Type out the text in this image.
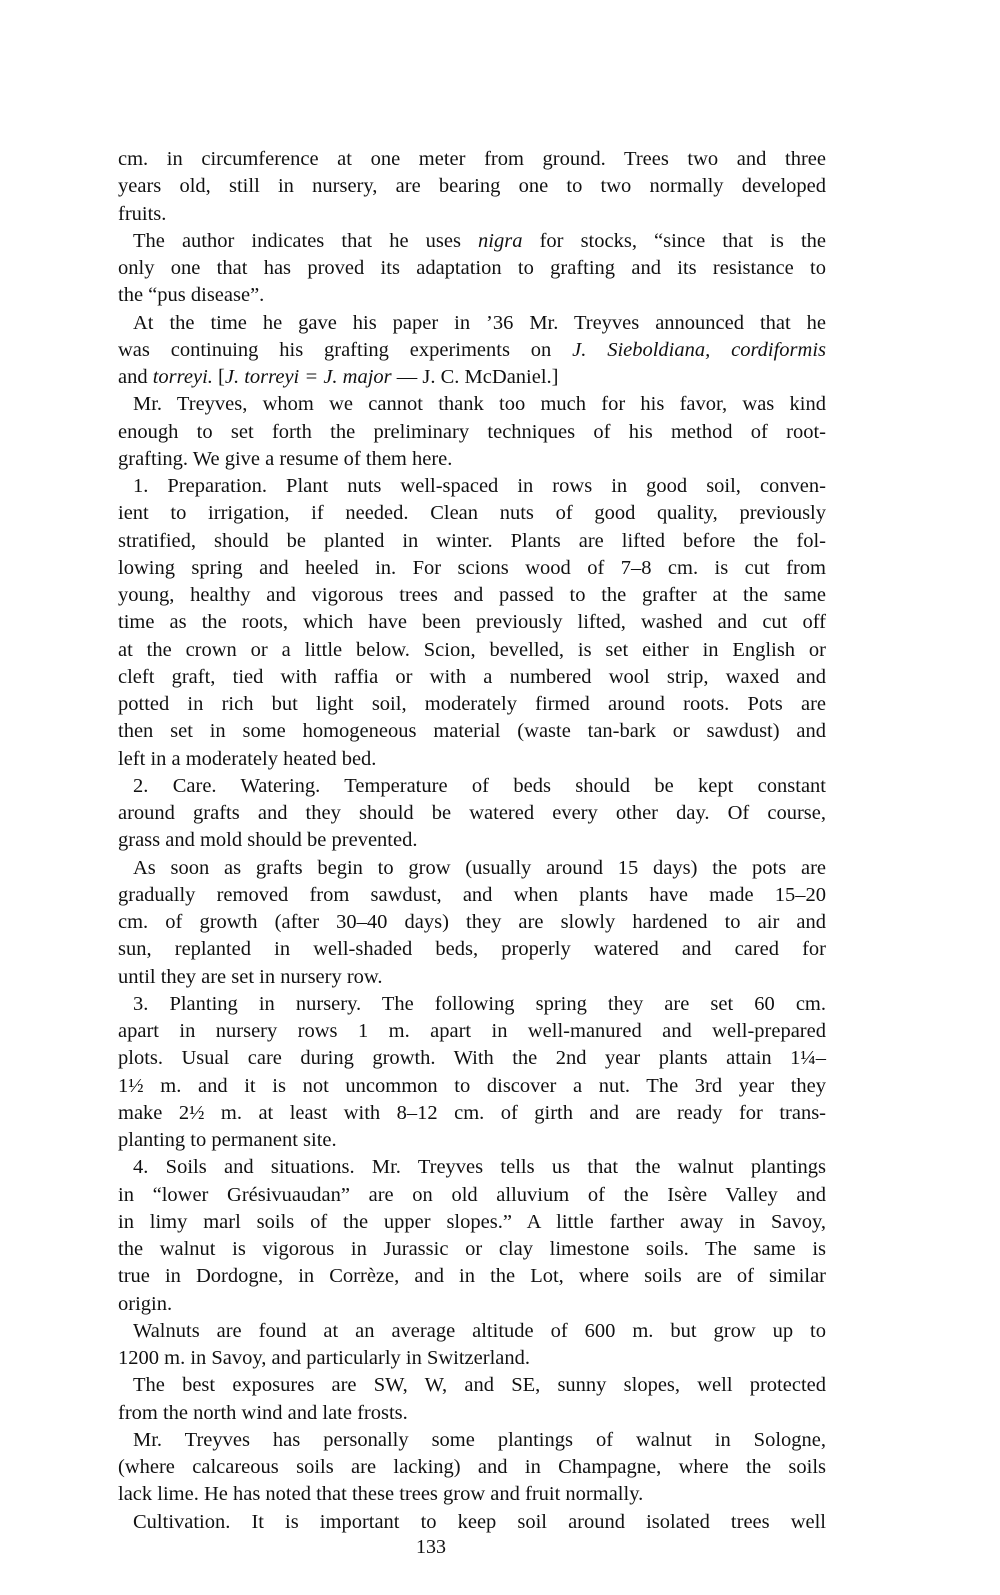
cm. in circumference at one meter from ground. Trees two and three
years old, still in nursery, are bearing one to two normally developed
fruits.
The author indicates that he uses nigra for stocks, “since that is the
only one that has proved its adaptation to grafting and its resistance to
the “pus disease”.
At the time he gave his paper in ’36 Mr. Treyves announced that he
was continuing his grafting experiments on J. Sieboldiana, cordiformis
and torreyi. [J. torreyi = J. major — J. C. McDaniel.]
Mr. Treyves, whom we cannot thank too much for his favor, was kind
enough to set forth the preliminary techniques of his method of root-
grafting. We give a resume of them here.
1. Preparation. Plant nuts well-spaced in rows in good soil, conven-
ient to irrigation, if needed. Clean nuts of good quality, previously
stratified, should be planted in winter. Plants are lifted before the fol-
lowing spring and heeled in. For scions wood of 7–8 cm. is cut from
young, healthy and vigorous trees and passed to the grafter at the same
time as the roots, which have been previously lifted, washed and cut off
at the crown or a little below. Scion, bevelled, is set either in English or
cleft graft, tied with raffia or with a numbered wool strip, waxed and
potted in rich but light soil, moderately firmed around roots. Pots are
then set in some homogeneous material (waste tan-bark or sawdust) and
left in a moderately heated bed.
2. Care. Watering. Temperature of beds should be kept constant
around grafts and they should be watered every other day. Of course,
grass and mold should be prevented.
As soon as grafts begin to grow (usually around 15 days) the pots are
gradually removed from sawdust, and when plants have made 15–20
cm. of growth (after 30–40 days) they are slowly hardened to air and
sun, replanted in well-shaded beds, properly watered and cared for
until they are set in nursery row.
3. Planting in nursery. The following spring they are set 60 cm.
apart in nursery rows 1 m. apart in well-manured and well-prepared
plots. Usual care during growth. With the 2nd year plants attain 1¼–
1½ m. and it is not uncommon to discover a nut. The 3rd year they
make 2½ m. at least with 8–12 cm. of girth and are ready for trans-
planting to permanent site.
4. Soils and situations. Mr. Treyves tells us that the walnut plantings
in “lower Grésivuaudan” are on old alluvium of the Isère Valley and
in limy marl soils of the upper slopes.” A little farther away in Savoy,
the walnut is vigorous in Jurassic or clay limestone soils. The same is
true in Dordogne, in Corrèze, and in the Lot, where soils are of similar
origin.
Walnuts are found at an average altitude of 600 m. but grow up to
1200 m. in Savoy, and particularly in Switzerland.
The best exposures are SW, W, and SE, sunny slopes, well protected
from the north wind and late frosts.
Mr. Treyves has personally some plantings of walnut in Sologne,
(where calcareous soils are lacking) and in Champagne, where the soils
lack lime. He has noted that these trees grow and fruit normally.
Cultivation. It is important to keep soil around isolated trees well
133
